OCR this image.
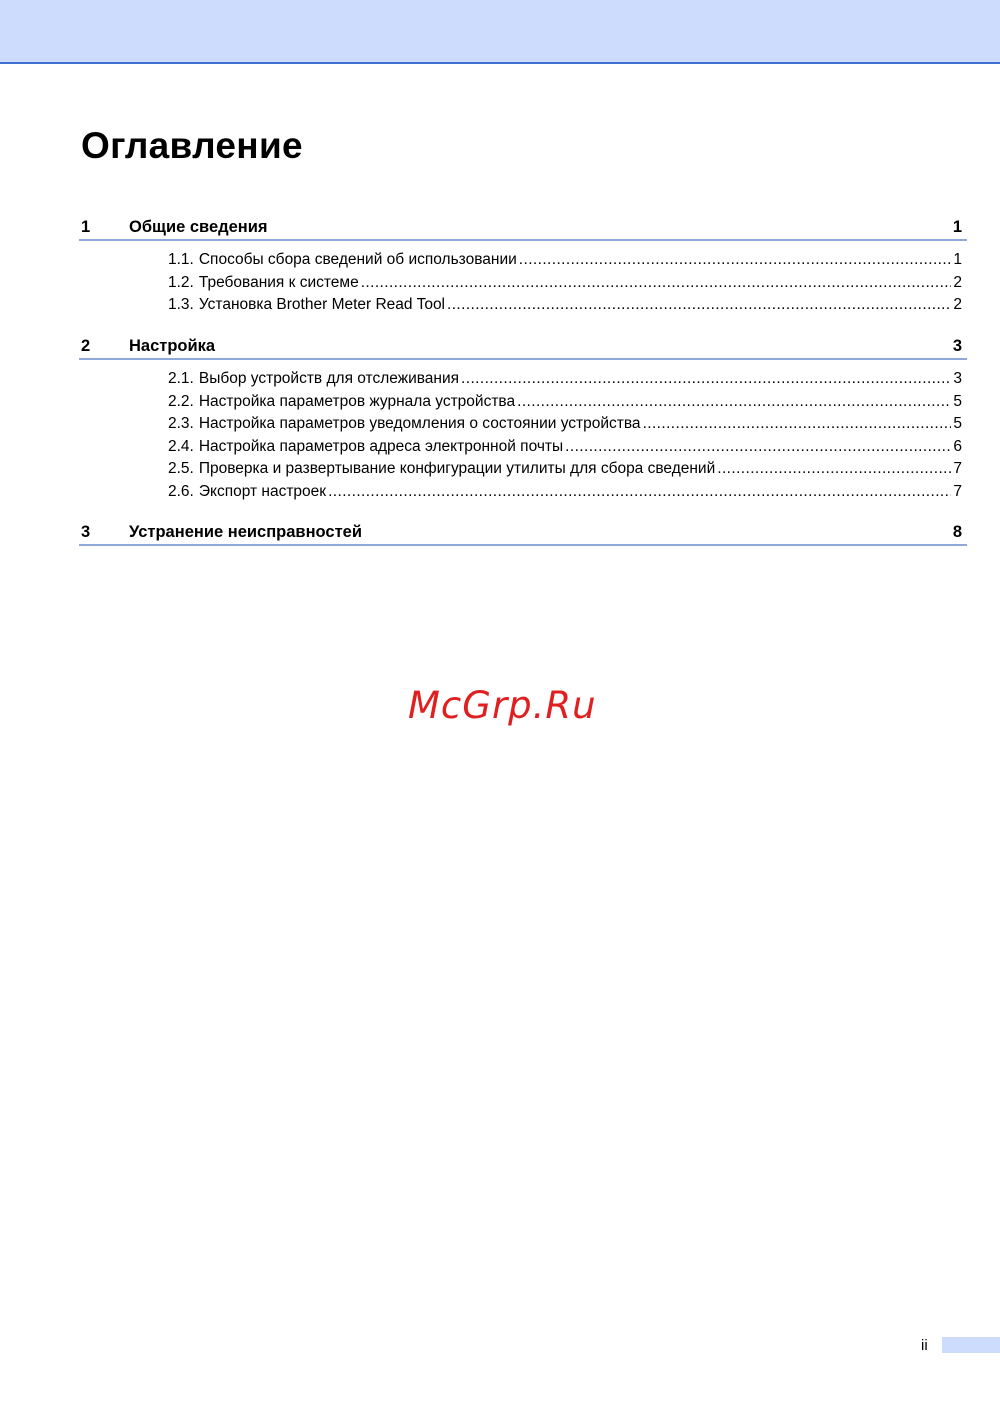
Оглавление
1 Общие сведения	1
1.1. Способы сбора сведений об использовании .....	1
1.2. Требования к системе .....	2
1.3. Установка Brother Meter Read Tool .....	2
2 Настройка	3
2.1. Выбор устройств для отслеживания .....	3
2.2. Настройка параметров журнала устройства .....	5
2.3. Настройка параметров уведомления о состоянии устройства .....	5
2.4. Настройка параметров адреса электронной почты .....	6
2.5. Проверка и развертывание конфигурации утилиты для сбора сведений .....	7
2.6. Экспорт настроек .....	7
3 Устранение неисправностей	8
McGrp.Ru
ii
